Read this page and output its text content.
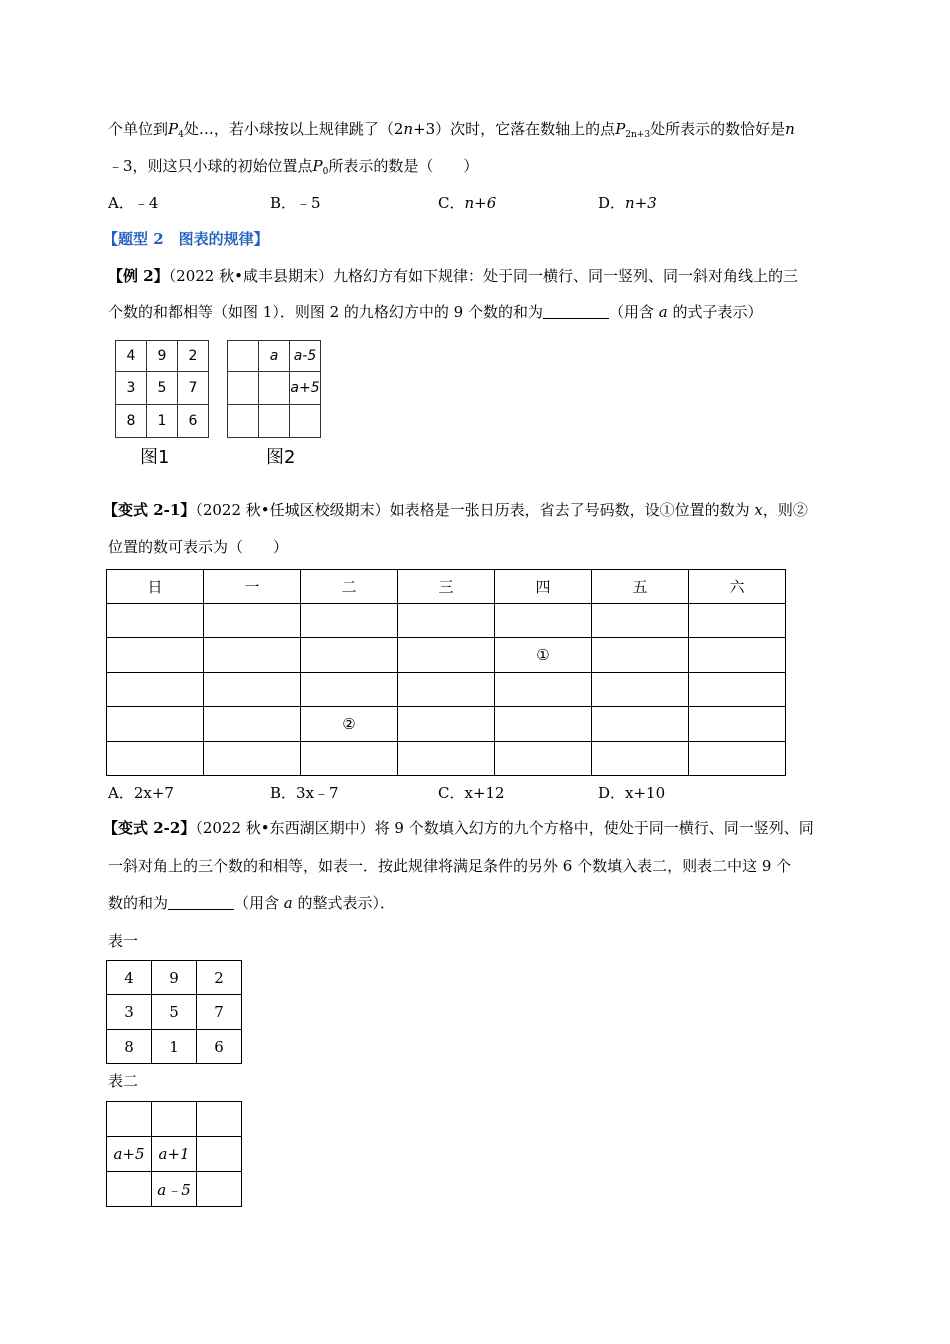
个单位到$P_4$处…，若小球按以上规律跳了（2n+3）次时，它落在数轴上的点$P_{2n+3}$处所表示的数恰好是n
﹣3，则这只小球的初始位置点$P_0$所表示的数是（　　）
A．﹣4	B．﹣5	C．n+6	D．n+3
【题型 2　图表的规律】
【例 2】（2022 秋•咸丰县期末）九格幻方有如下规律：处于同一横行、同一竖列、同一斜对角线上的三
个数的和都相等（如图 1）．则图 2 的九格幻方中的 9 个数的和为	（用含 a 的式子表示）
4	9	2
3	5	7
8	1	6
图1
	a	a-5
		a+5

图2
【变式 2-1】（2022 秋•任城区校级期末）如表格是一张日历表，省去了号码数，设①位置的数为 x，则②
位置的数可表示为（　　）
日	一	二	三	四	五	六

				①		

		②				

A．2x+7	B．3x﹣7	C．x+12	D．x+10
【变式 2-2】（2022 秋•东西湖区期中）将 9 个数填入幻方的九个方格中，使处于同一横行、同一竖列、同
一斜对角上的三个数的和相等，如表一．按此规律将满足条件的另外 6 个数填入表二，则表二中这 9 个
数的和为	（用含 a 的整式表示）．
表一
4	9	2
3	5	7
8	1	6
表二

a+5	a+1	
	a﹣5	
